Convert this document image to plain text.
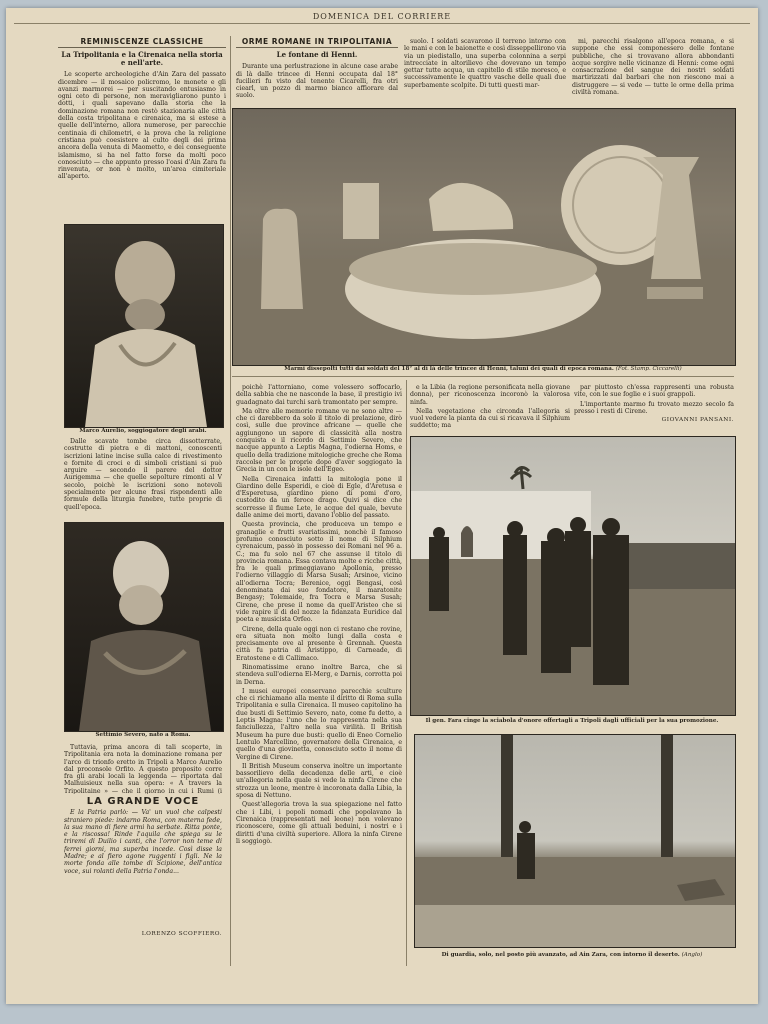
DOMENICA DEL CORRIERE
REMINISCENZE CLASSICHE
La Tripolitania e la Cirenaica nella storia e nell'arte.

Le scoperte archeologiche d'Ain Zara del passato dicembre — il mosaico policromo, le monete e gli avanzi marmorei — per suscitando entusiasmo in ogni ceto di persone, non meravigliarono punto i dotti, i quali sapevano dalla storia che la dominazione romana non restò stazionaria alle città della costa tripolitana e cirenaica, ma si estese a quelle dell'interno, allora numerose, per parecchie centinaia di chilometri, e la prova che la religione cristiana può coesistere al culto degli dei prima ancora della venuta di Maometto, e dei conseguente islamismo, si ha nel fatto forse da molti poco conosciuto — che appunto presso l'oasi d'Ain Zara fu rinvenuta, or non è molto, un'area cimiteriale all'aperto.

Marco Aurelio, soggiogatore degli arabi.

Dalle scavate tombe circa dissotterrate, costrutte di pietra e di mattoni, conoscenti iscrizioni latine incise sulla calce di rivestimento e fornite di croci e di simboli cristiani si può arguire — secondo il parere del dottor Aurigemma — che quelle sepolture rimonti al V secolo, poichè le iscrizioni sono notevoli specialmente per alcune frasi rispondenti alle formule della liturgia funebre, tutte proprie di quell'epoca.

Settimio Severo, nato a Roma.

Tuttavia, prima ancora di tali scoperte, in Tripolitania era nota la dominazione romana per l'arco di trionfo eretto in Tripoli a Marco Aurelio dal proconsole Orfito. A questo proposito corre fra gli arabi locali la leggenda — riportata dal Malhuisieux nella sua opera: « A travers la Tripolitaine » — che il giorno in cui i Rumi (i

LA GRANDE VOCE

E la Patria parlò: — Va' un vuol che calpesti straniero piede: indarno Roma, con materna fede, la sua mano di fiere armi ha serbate. Ritta ponte, e la riscossa! Rinde l'aquila che spiega su le triremi di Duilio i canti, che l'orror non teme di ferrei giorni, ma superba incede. Così disse la Madre; e al fiero agone ruggenti i figli. Ne la morte fonda alle tombe di Scipione, dell'antica voce, sui rolanti della Patria l'onda...

LORENZO SCOFFIERO.
ORME ROMANE IN TRIPOLITANIA
Le fontane di Henni.

Durante una perlustrazione in alcune case arabe di là dalle trincee di Henni occupata dal 18° fucilieri fu visto dal tenente Cicarelli, fra otri ciearl, un pozzo di marmo bianco affiorare dal suolo.

suolo. I soldati scavarono il terreno intorno con le mani e con le baionette e così disseppellirono via via un piedistallo, una superba colonnina a serpi intrecciate in altorilievo che dovevano un tempo gettar tutte acqua, un capitello di stile moresco, e successivamente le quattro vasche delle quali due superbamente scolpite. Di tutti questi mar-

mi, parecchi risalgono all'epoca romana, e si suppone che essi componessero delle fontane pubbliche, che si trovavano allora abbondanti acque sorgive nelle vicinanze di Henni: come ogni consacrazione del sangue dei nostri soldati martirizzati dal barbari che non riescono mai a distruggere — si vede — tutte le orme della prima civiltà romana.

Marmi dissepolti tutti dai soldati del 18° al di là delle trincee di Henni, taluni dei quali di epoca romana. (Fot. Stamp. Ciccarelli)

poichè l'attorniano, come volessero soffocarlo, della sabbia che ne nasconde la base, il prestigio ivi guadagnato dai turchi sarà tramontato per sempre.

Ma oltre alle memorie romane ve ne sono altre — che ci darebbero da solo il titolo di prelazione, dirò così, sulle due province africane — quelle che aggiungono un sapore di classicità alla nostra conquista e il ricordo di Settimio Severo, che nacque appunto a Leptis Magna, l'odierna Homs, e quello della tradizione mitologiche greche che Roma raccolse per le proprie dopo d'aver soggiogato la Grecia in un con le isole dell'Egeo.

Nella Cirenaica infatti la mitologia pone il Giardino delle Esperidi, e cioè di Egle, d'Aretusa e d'Esperetusa, giardino pieno di pomi d'oro, custodito da un feroce drago. Quivi si dice che scorresse il fiume Lete, le acque del quale, bevute dalle anime dei morti, davano l'oblio del passato.

Questa provincia, che produceva un tempo e granaglie e frutti svariatissimi, nonchè il famoso profumo conosciuto sotto il nome di Silphium cyrenaicum, passò in possesso dei Romani nel 96 a. C.; ma fu solo nel 67 che assunse il titolo di provincia romana. Essa contava molte e ricche città, fra le quali primeggiavano Apollonia, presso l'odierno villaggio di Marsa Susah; Arsinoe, vicino all'odierna Tocra; Berenice, oggi Bengasi, così denominata dai suo fondatore, il maratonite Bengasy; Tolemaide, fra Tocra e Marsa Susah; Cirene, che prese il nome da quell'Aristeo che si vide rapire il di del nozze la fidanzata Euridice dal poeta e musicista Orfeo.

Cirene, della quale oggi non ci restano che rovine, era situata non molto lungi dalla costa e precisamente ove al presente è Grennah. Questa città fu patria di Aristippo, di Carneade, di Eratostene e di Callimaco.

Rinomatissime erano inoltre Barca, che si stendeva sull'odierna El-Merg, e Darnis, corrotta poi in Derna.

I musei europei conservano parecchie sculture che ci richiamano alla mente il diritto di Roma sulla Tripolitania e sulla Cirenaica. Il museo capitolino ha due busti di Settimio Severo, nato, come fu detto, a Leptis Magna: l'uno che lo rappresenta nella sua fanciullezza, l'altro nella sua virilità. Il British Museum ha pure due busti: quello di Eneo Cornelio Lentulo Marcellino, governatore della Cirenaica, e quello d'una giovinetta, conosciuto sotto il nome di Vergine di Cirene.

Il British Museum conserva inoltre un importante bassorilievo della decadenza delle arti, e cioè un'allegoria nella quale si vede la ninfa Cirene che strozza un leone, mentre è incoronata dalla Libia, la sposa di Nettuno.

Quest'allegoria trova la sua spiegazione nel fatto che i Libi, i popoli nomadi che popolavano la Cirenaica (rappresentati nel leone) non volevano riconoscere, come gli attuali beduini, i nostri e i diritti d'una civiltà superiore. Allora la ninfa Cirene li soggiogò.

e la Libia (la regione personificata nella giovane donna), per riconoscenza incoronò la valorosa ninfa.

Nella vegetazione che circonda l'allegoria si vuol vedere la pianta da cui si ricavava il Silphium suddetto; ma

par piuttosto ch'essa rappresenti una robusta vite, con le sue foglie e i suoi grappoli.

L'importante marmo fu trovato mezzo secolo fa presso i resti di Cirene.

GIOVANNI PANSANI.
Il gen. Fara cinge la sciabola d'onore offertagli a Tripoli dagli ufficiali per la sua promozione.
Di guardia, solo, nel posto più avanzato, ad Ain Zara, con intorno il deserto. (Anglo)
